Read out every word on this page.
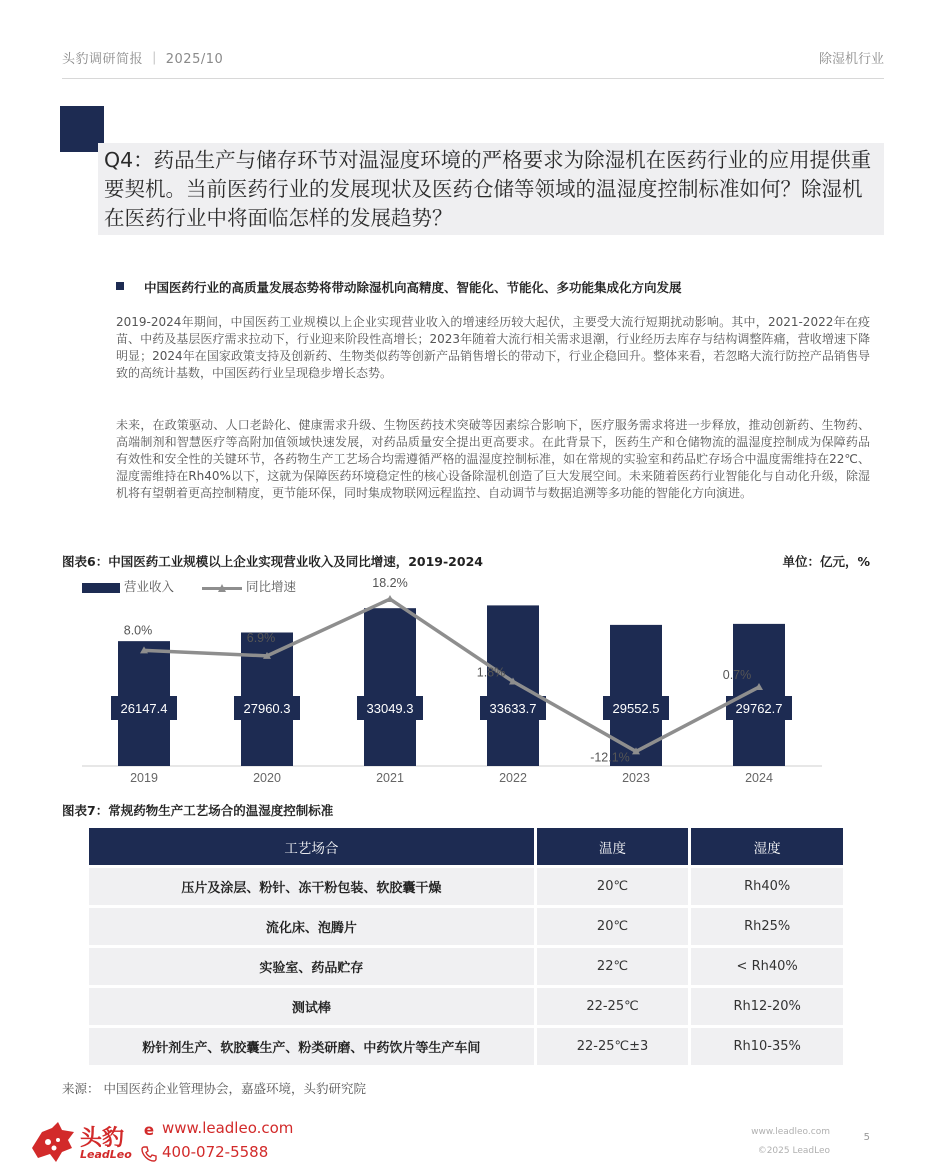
头豹调研简报 ｜ 2025/10	除湿机行业
Q4：药品生产与储存环节对温湿度环境的严格要求为除湿机在医药行业的应用提供重要契机。当前医药行业的发展现状及医药仓储等领域的温湿度控制标准如何？除湿机在医药行业中将面临怎样的发展趋势？
中国医药行业的高质量发展态势将带动除湿机向高精度、智能化、节能化、多功能集成化方向发展
2019-2024年期间，中国医药工业规模以上企业实现营业收入的增速经历较大起伏，主要受大流行短期扰动影响。其中，2021-2022年在疫苗、中药及基层医疗需求拉动下，行业迎来阶段性高增长；2023年随着大流行相关需求退潮，行业经历去库存与结构调整阵痛，营收增速下降明显；2024年在国家政策支持及创新药、生物类似药等创新产品销售增长的带动下，行业企稳回升。整体来看，若忽略大流行防控产品销售导致的高统计基数，中国医药行业呈现稳步增长态势。
未来，在政策驱动、人口老龄化、健康需求升级、生物医药技术突破等因素综合影响下，医疗服务需求将进一步释放，推动创新药、生物药、高端制剂和智慧医疗等高附加值领域快速发展，对药品质量安全提出更高要求。在此背景下，医药生产和仓储物流的温湿度控制成为保障药品有效性和安全性的关键环节，各药物生产工艺场合均需遵循严格的温湿度控制标准，如在常规的实验室和药品贮存场合中温度需维持在22℃、湿度需维持在Rh40%以下，这就为保障医药环境稳定性的核心设备除湿机创造了巨大发展空间。未来随着医药行业智能化与自动化升级，除湿机将有望朝着更高控制精度，更节能环保，同时集成物联网远程监控、自动调节与数据追溯等多功能的智能化方向演进。
图表6：中国医药工业规模以上企业实现营业收入及同比增速，2019-2024	单位：亿元，%
营业收入	同比增速
26147.4
2019
27960.3
2020
33049.3
2021
33633.7
2022
29552.5
2023
29762.7
2024
8.0%
6.9%
18.2%
1.8%
-12.1%
0.7%
图表7：常规药物生产工艺场合的温湿度控制标准
工艺场合	温度	湿度
压片及涂层、粉针、冻干粉包装、软胶囊干燥	20℃	Rh40%
流化床、泡腾片	20℃	Rh25%
实验室、药品贮存	22℃	< Rh40%
测试棒	22-25℃	Rh12-20%
粉针剂生产、软胶囊生产、粉类研磨、中药饮片等生产车间	22-25℃±3	Rh10-35%
来源： 中国医药企业管理协会，嘉盛环境，头豹研究院
头豹
LeadLeo
e www.leadleo.com
400-072-5588
www.leadleo.com
©2025 LeadLeo
5
